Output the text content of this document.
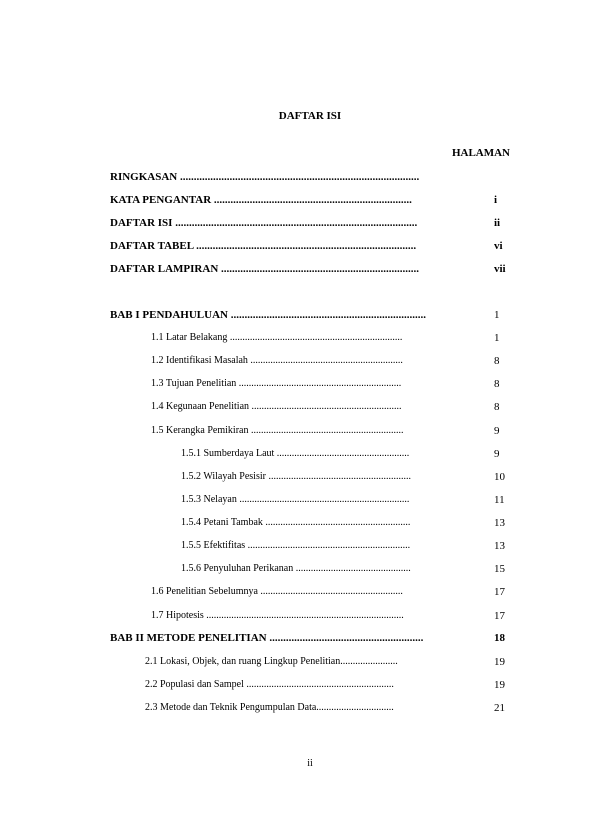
DAFTAR ISI
HALAMAN
RINGKASAN .......................................................................................
KATA PENGANTAR ........................................................................	i
DAFTAR ISI ........................................................................................	ii
DAFTAR TABEL ................................................................................	vi
DAFTAR LAMPIRAN ........................................................................	vii
BAB I PENDAHULUAN .......................................................................	1
1.1 Latar Belakang .....................................................................	1
1.2 Identifikasi Masalah .............................................................	8
1.3 Tujuan Penelitian .................................................................	8
1.4 Kegunaan Penelitian ............................................................	8
1.5 Kerangka Pemikiran .............................................................	9
1.5.1 Sumberdaya Laut .....................................................	9
1.5.2 Wilayah Pesisir .........................................................	10
1.5.3 Nelayan ....................................................................	11
1.5.4 Petani Tambak ..........................................................	13
1.5.5 Efektifitas .................................................................	13
1.5.6 Penyuluhan Perikanan ..............................................	15
1.6 Penelitian Sebelumnya .........................................................	17
1.7 Hipotesis ...............................................................................	17
BAB II METODE PENELITIAN ........................................................	18
2.1 Lokasi, Objek, dan ruang Lingkup Penelitian.......................	19
2.2 Populasi dan Sampel ...........................................................	19
2.3 Metode dan Teknik Pengumpulan Data...............................	21
ii
